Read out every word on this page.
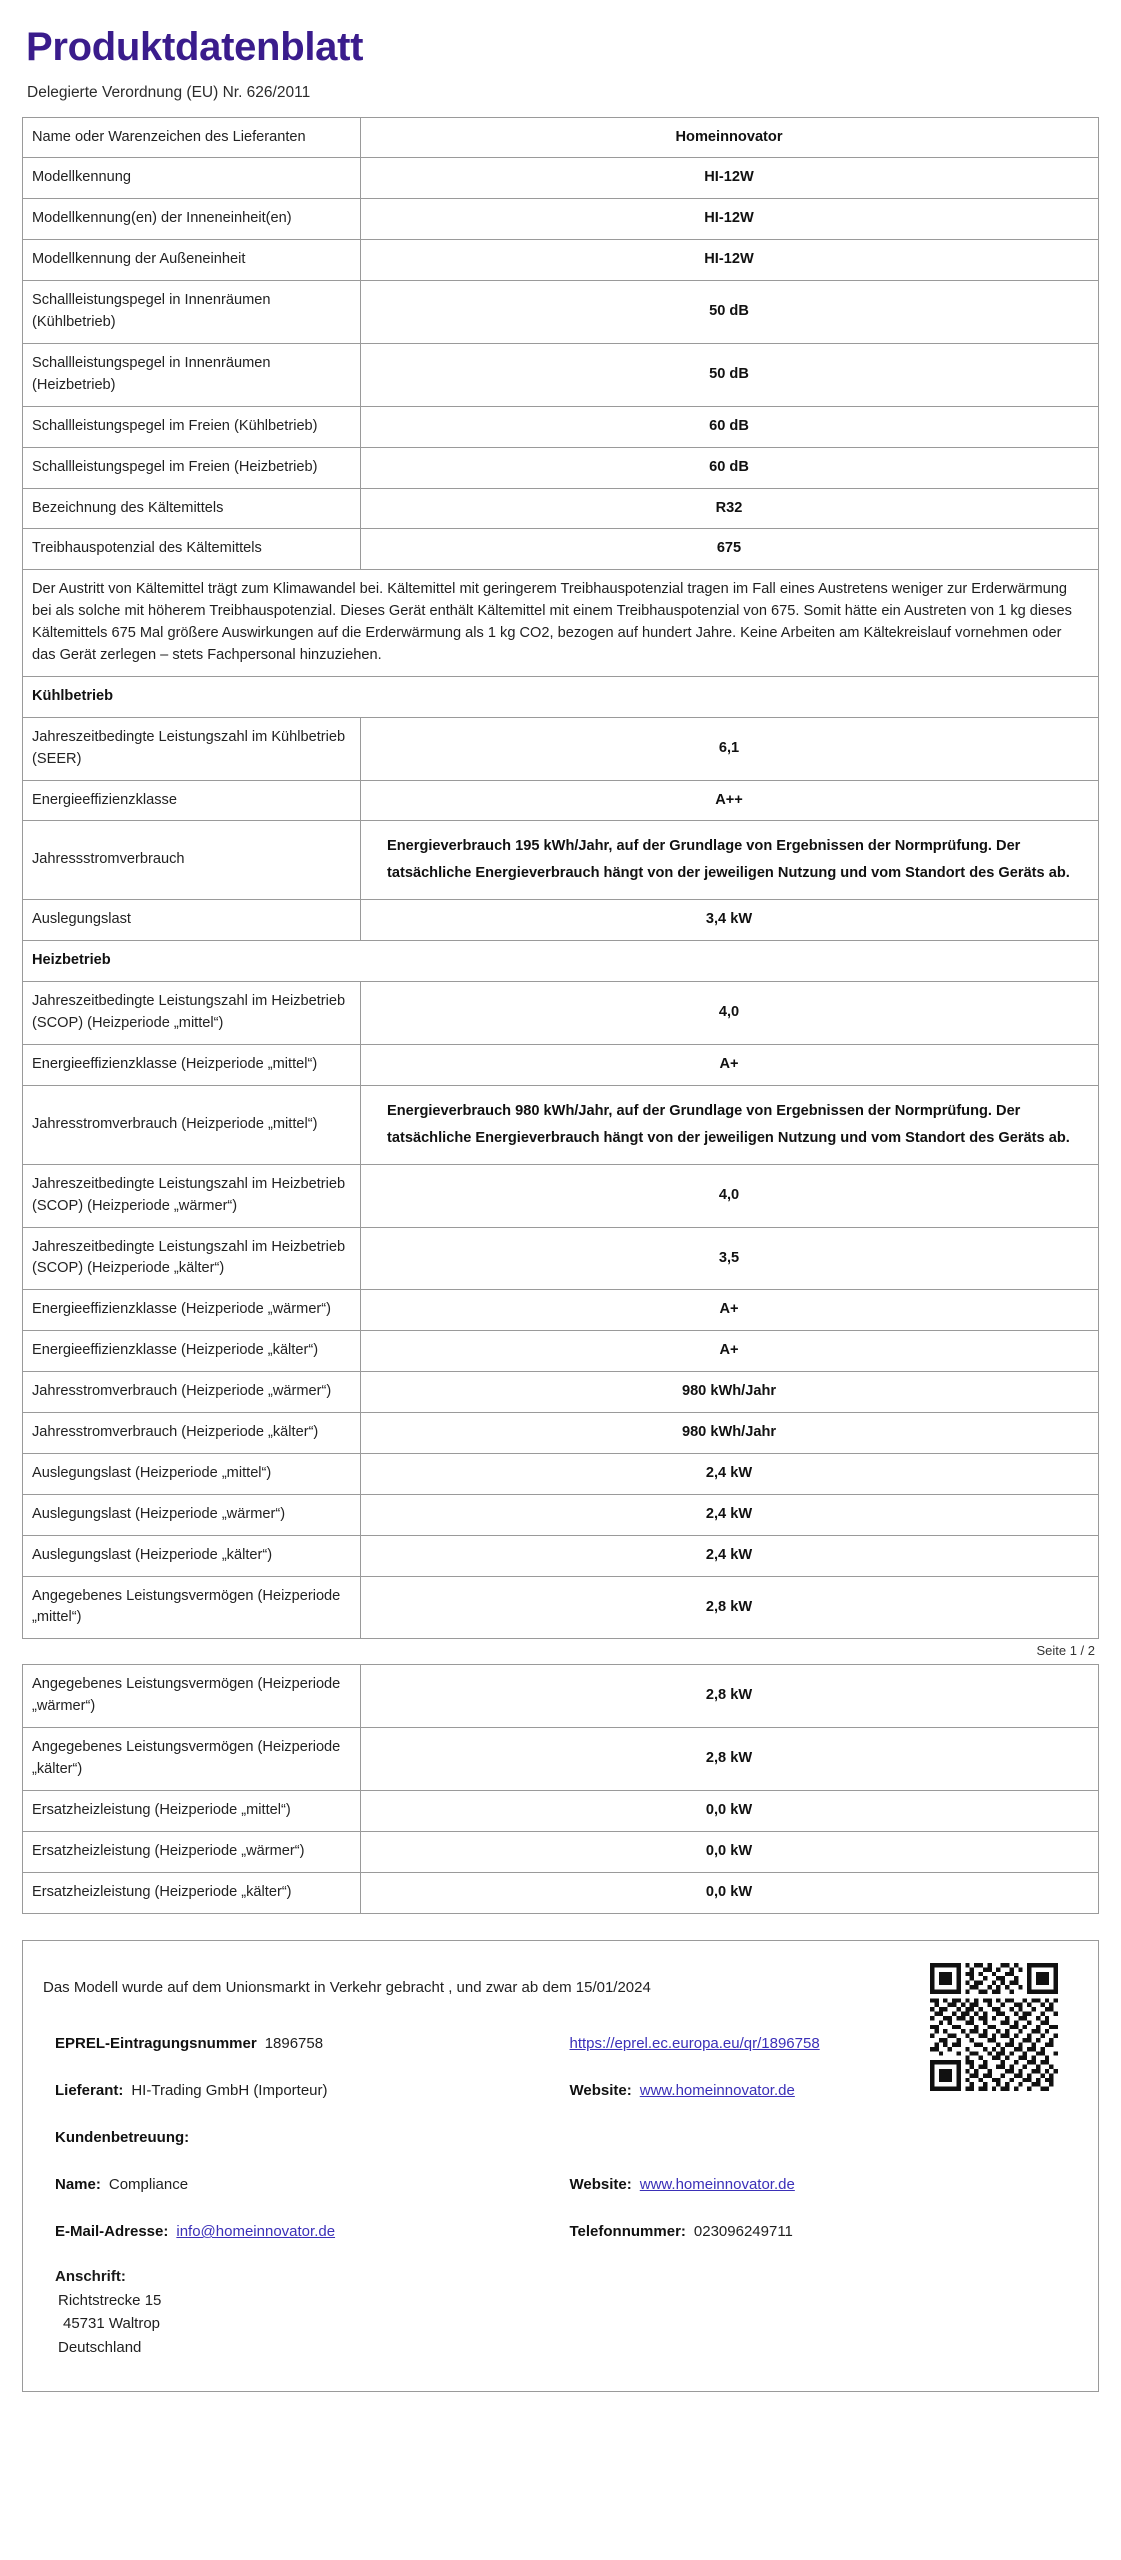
Produktdatenblatt
Delegierte Verordnung (EU) Nr. 626/2011
Name oder Warenzeichen des Lieferanten	Homeinnovator
Modellkennung	HI-12W
Modellkennung(en) der Inneneinheit(en)	HI-12W
Modellkennung der Außeneinheit	HI-12W
Schallleistungspegel in Innenräumen (Kühlbetrieb)	50 dB
Schallleistungspegel in Innenräumen (Heizbetrieb)	50 dB
Schallleistungspegel im Freien (Kühlbetrieb)	60 dB
Schallleistungspegel im Freien (Heizbetrieb)	60 dB
Bezeichnung des Kältemittels	R32
Treibhauspotenzial des Kältemittels	675
Der Austritt von Kältemittel trägt zum Klimawandel bei. Kältemittel mit geringerem Treibhauspotenzial tragen im Fall eines Austretens weniger zur Erderwärmung bei als solche mit höherem Treibhauspotenzial. Dieses Gerät enthält Kältemittel mit einem Treibhauspotenzial von 675. Somit hätte ein Austreten von 1 kg dieses Kältemittels 675 Mal größere Auswirkungen auf die Erderwärmung als 1 kg CO2, bezogen auf hundert Jahre. Keine Arbeiten am Kältekreislauf vornehmen oder das Gerät zerlegen – stets Fachpersonal hinzuziehen.	
Kühlbetrieb	
Jahreszeitbedingte Leistungszahl im Kühlbetrieb (SEER)	6,1
Energieeffizienzklasse	A++
Jahressstromverbrauch	Energieverbrauch 195 kWh/Jahr, auf der Grundlage von Ergebnissen der Normprüfung. Der tatsächliche Energieverbrauch hängt von der jeweiligen Nutzung und vom Standort des Geräts ab.
Auslegungslast	3,4 kW
Heizbetrieb	
Jahreszeitbedingte Leistungszahl im Heizbetrieb (SCOP) (Heizperiode „mittel“)	4,0
Energieeffizienzklasse (Heizperiode „mittel“)	A+
Jahresstromverbrauch (Heizperiode „mittel“)	Energieverbrauch 980 kWh/Jahr, auf der Grundlage von Ergebnissen der Normprüfung. Der tatsächliche Energieverbrauch hängt von der jeweiligen Nutzung und vom Standort des Geräts ab.
Jahreszeitbedingte Leistungszahl im Heizbetrieb (SCOP) (Heizperiode „wärmer“)	4,0
Jahreszeitbedingte Leistungszahl im Heizbetrieb (SCOP) (Heizperiode „kälter“)	3,5
Energieeffizienzklasse (Heizperiode „wärmer“)	A+
Energieeffizienzklasse (Heizperiode „kälter“)	A+
Jahresstromverbrauch (Heizperiode „wärmer“)	980 kWh/Jahr
Jahresstromverbrauch (Heizperiode „kälter“)	980 kWh/Jahr
Auslegungslast (Heizperiode „mittel“)	2,4 kW
Auslegungslast (Heizperiode „wärmer“)	2,4 kW
Auslegungslast (Heizperiode „kälter“)	2,4 kW
Angegebenes Leistungsvermögen (Heizperiode „mittel“)	2,8 kW
Seite 1 / 2
Angegebenes Leistungsvermögen (Heizperiode „wärmer“)	2,8 kW
Angegebenes Leistungsvermögen (Heizperiode „kälter“)	2,8 kW
Ersatzheizleistung (Heizperiode „mittel“)	0,0 kW
Ersatzheizleistung (Heizperiode „wärmer“)	0,0 kW
Ersatzheizleistung (Heizperiode „kälter“)	0,0 kW
Das Modell wurde auf dem Unionsmarkt in Verkehr gebracht , und zwar ab dem 15/01/2024
EPREL-Eintragungsnummer 1896758	https://eprel.ec.europa.eu/qr/1896758
Lieferant: HI-Trading GmbH (Importeur)	Website: www.homeinnovator.de
Kundenbetreuung:
Name: Compliance	Website: www.homeinnovator.de
E-Mail-Adresse: info@homeinnovator.de	Telefonnummer: 023096249711
Anschrift:
Richtstrecke 15
45731 Waltrop
Deutschland
